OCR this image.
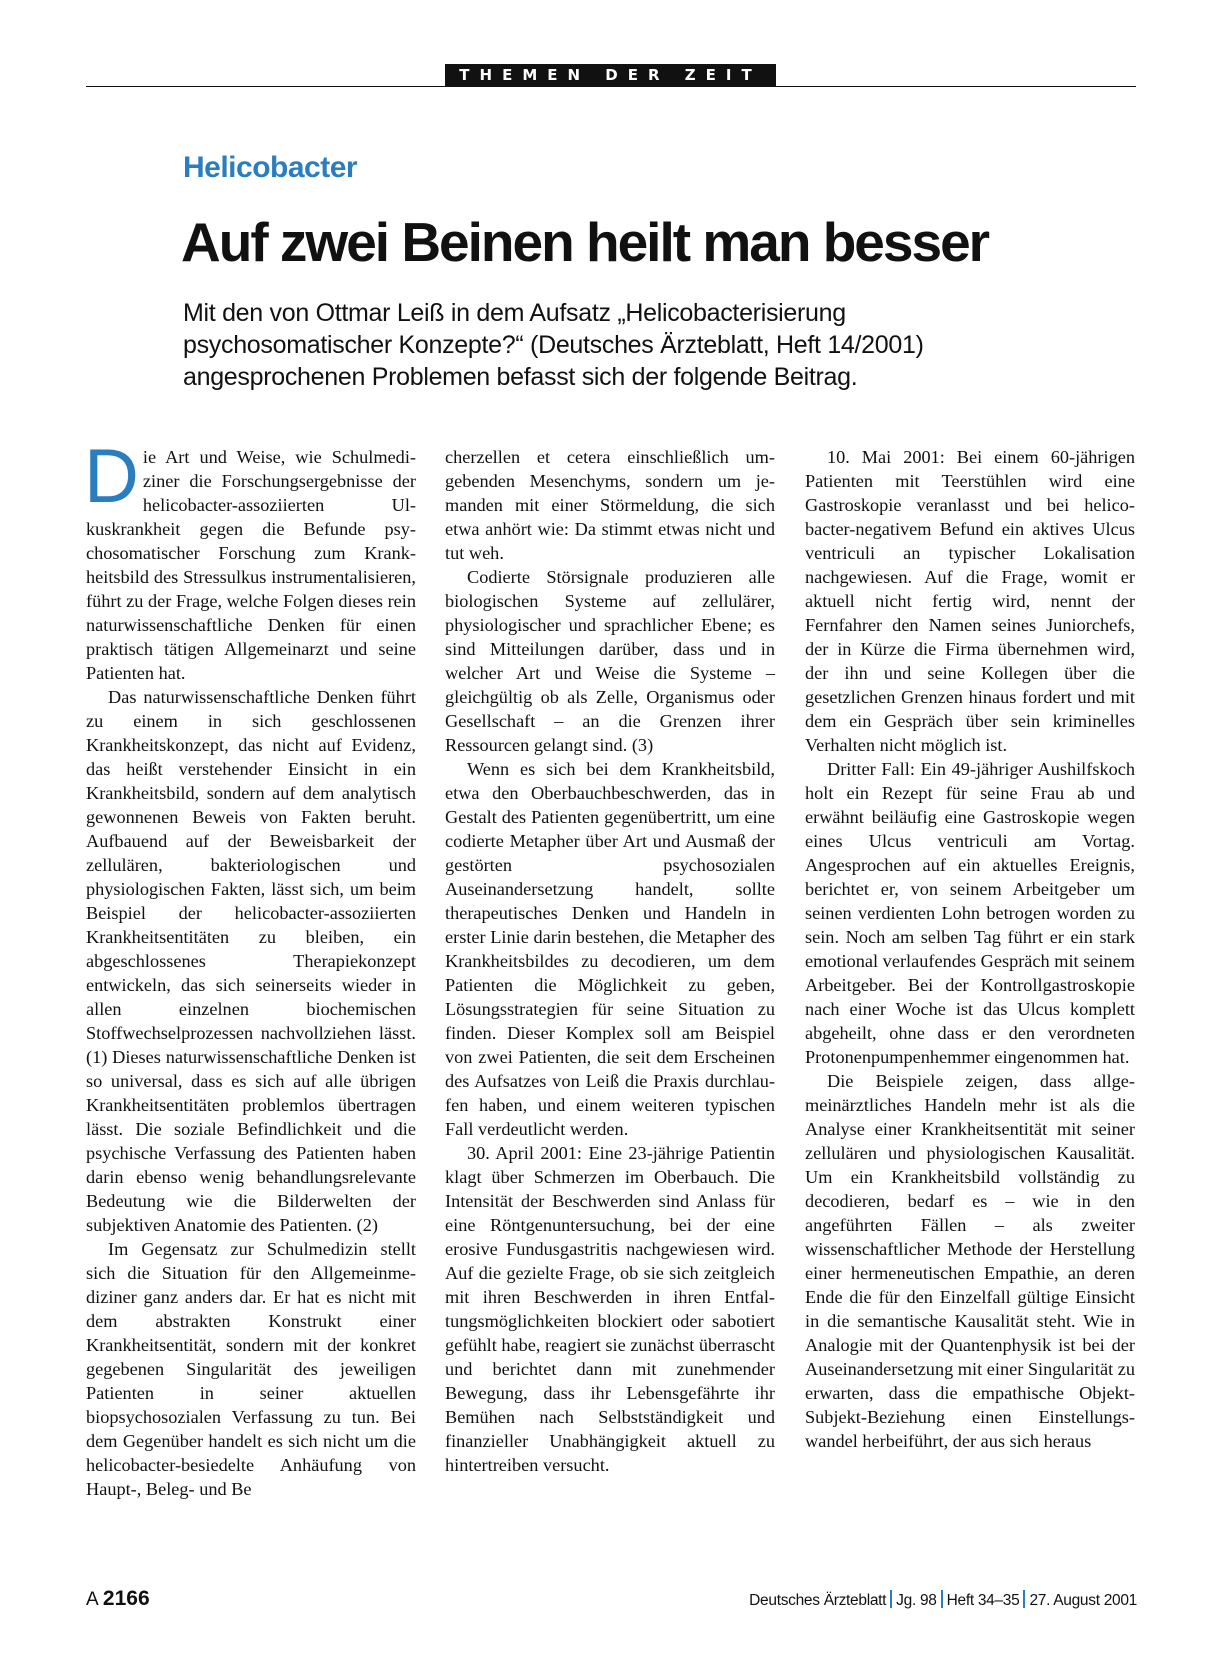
THEMEN DER ZEIT
Helicobacter
Auf zwei Beinen heilt man besser

Mit den von Ottmar Leiß in dem Aufsatz „Helicobacterisierung
psychosomatischer Konzepte?“ (Deutsches Ärzteblatt, Heft 14/2001)
angesprochenen Problemen befasst sich der folgende Beitrag.

Die Art und Weise, wie Schulmediziner die Forschungsergebnisse der helicobacter-assoziierten Ulkuskrankheit gegen die Befunde psychosomatischer Forschung zum Krankheitsbild des Stressulkus instrumentalisieren, führt zu der Frage, welche Folgen dieses rein naturwissenschaftliche Denken für einen praktisch tätigen Allgemeinarzt und seine Patienten hat.

Das naturwissenschaftliche Denken führt zu einem in sich geschlossenen Krankheitskonzept, das nicht auf Evidenz, das heißt verstehender Einsicht in ein Krankheitsbild, sondern auf dem analytisch gewonnenen Beweis von Fakten beruht. Aufbauend auf der Beweisbarkeit der zellulären, bakteriologischen und physiologischen Fakten, lässt sich, um beim Beispiel der helicobacter-assoziierten Krankheitsentitäten zu bleiben, ein abgeschlossenes Therapiekonzept entwickeln, das sich seinerseits wieder in allen einzelnen biochemischen Stoffwechselprozessen nachvollziehen lässt. (1) Dieses naturwissenschaftliche Denken ist so universal, dass es sich auf alle übrigen Krankheitsentitäten problemlos übertragen lässt. Die soziale Befindlichkeit und die psychische Verfassung des Patienten haben darin ebenso wenig behandlungsrelevante Bedeutung wie die Bilderwelten der subjektiven Anatomie des Patienten. (2)

Im Gegensatz zur Schulmedizin stellt sich die Situation für den Allgemeinmediziner ganz anders dar. Er hat es nicht mit dem abstrakten Konstrukt einer Krankheitsentität, sondern mit der konkret gegebenen Singularität des jeweiligen Patienten in seiner aktuellen biopsychosozialen Verfassung zu tun. Bei dem Gegenüber handelt es sich nicht um die helicobacter-besiedelte Anhäufung von Haupt-, Beleg- und Be

cherzellen et cetera einschließlich umgebenden Mesenchyms, sondern um jemanden mit einer Störmeldung, die sich etwa anhört wie: Da stimmt etwas nicht und tut weh.

Codierte Störsignale produzieren alle biologischen Systeme auf zellulärer, physiologischer und sprachlicher Ebene; es sind Mitteilungen darüber, dass und in welcher Art und Weise die Systeme – gleichgültig ob als Zelle, Organismus oder Gesellschaft – an die Grenzen ihrer Ressourcen gelangt sind. (3)

Wenn es sich bei dem Krankheitsbild, etwa den Oberbauchbeschwerden, das in Gestalt des Patienten gegenübertritt, um eine codierte Metapher über Art und Ausmaß der gestörten psychosozialen Auseinandersetzung handelt, sollte therapeutisches Denken und Handeln in erster Linie darin bestehen, die Metapher des Krankheitsbildes zu decodieren, um dem Patienten die Möglichkeit zu geben, Lösungsstrategien für seine Situation zu finden. Dieser Komplex soll am Beispiel von zwei Patienten, die seit dem Erscheinen des Aufsatzes von Leiß die Praxis durchlaufen haben, und einem weiteren typischen Fall verdeutlicht werden.

30. April 2001: Eine 23-jährige Patientin klagt über Schmerzen im Oberbauch. Die Intensität der Beschwerden sind Anlass für eine Röntgenuntersuchung, bei der eine erosive Fundusgastritis nachgewiesen wird. Auf die gezielte Frage, ob sie sich zeitgleich mit ihren Beschwerden in ihren Entfaltungsmöglichkeiten blockiert oder sabotiert gefühlt habe, reagiert sie zunächst überrascht und berichtet dann mit zunehmender Bewegung, dass ihr Lebensgefährte ihr Bemühen nach Selbstständigkeit und finanzieller Unabhängigkeit aktuell zu hintertreiben versucht.

10. Mai 2001: Bei einem 60-jährigen Patienten mit Teerstühlen wird eine Gastroskopie veranlasst und bei helicobacter-negativem Befund ein aktives Ulcus ventriculi an typischer Lokalisation nachgewiesen. Auf die Frage, womit er aktuell nicht fertig wird, nennt der Fernfahrer den Namen seines Juniorchefs, der in Kürze die Firma übernehmen wird, der ihn und seine Kollegen über die gesetzlichen Grenzen hinaus fordert und mit dem ein Gespräch über sein kriminelles Verhalten nicht möglich ist.

Dritter Fall: Ein 49-jähriger Aushilfskoch holt ein Rezept für seine Frau ab und erwähnt beiläufig eine Gastroskopie wegen eines Ulcus ventriculi am Vortag. Angesprochen auf ein aktuelles Ereignis, berichtet er, von seinem Arbeitgeber um seinen verdienten Lohn betrogen worden zu sein. Noch am selben Tag führt er ein stark emotional verlaufendes Gespräch mit seinem Arbeitgeber. Bei der Kontrollgastroskopie nach einer Woche ist das Ulcus komplett abgeheilt, ohne dass er den verordneten Protonenpumpenhemmer eingenommen hat.

Die Beispiele zeigen, dass allgemeinärztliches Handeln mehr ist als die Analyse einer Krankheitsentität mit seiner zellulären und physiologischen Kausalität. Um ein Krankheitsbild vollständig zu decodieren, bedarf es – wie in den angeführten Fällen – als zweiter wissenschaftlicher Methode der Herstellung einer hermeneutischen Empathie, an deren Ende die für den Einzelfall gültige Einsicht in die semantische Kausalität steht. Wie in Analogie mit der Quantenphysik ist bei der Auseinandersetzung mit einer Singularität zu erwarten, dass die empathische Objekt-Subjekt-Beziehung einen Einstellungswandel herbeiführt, der aus sich heraus

A 2166	Deutsches Ärzteblatt Jg. 98 Heft 34–35 27. August 2001
